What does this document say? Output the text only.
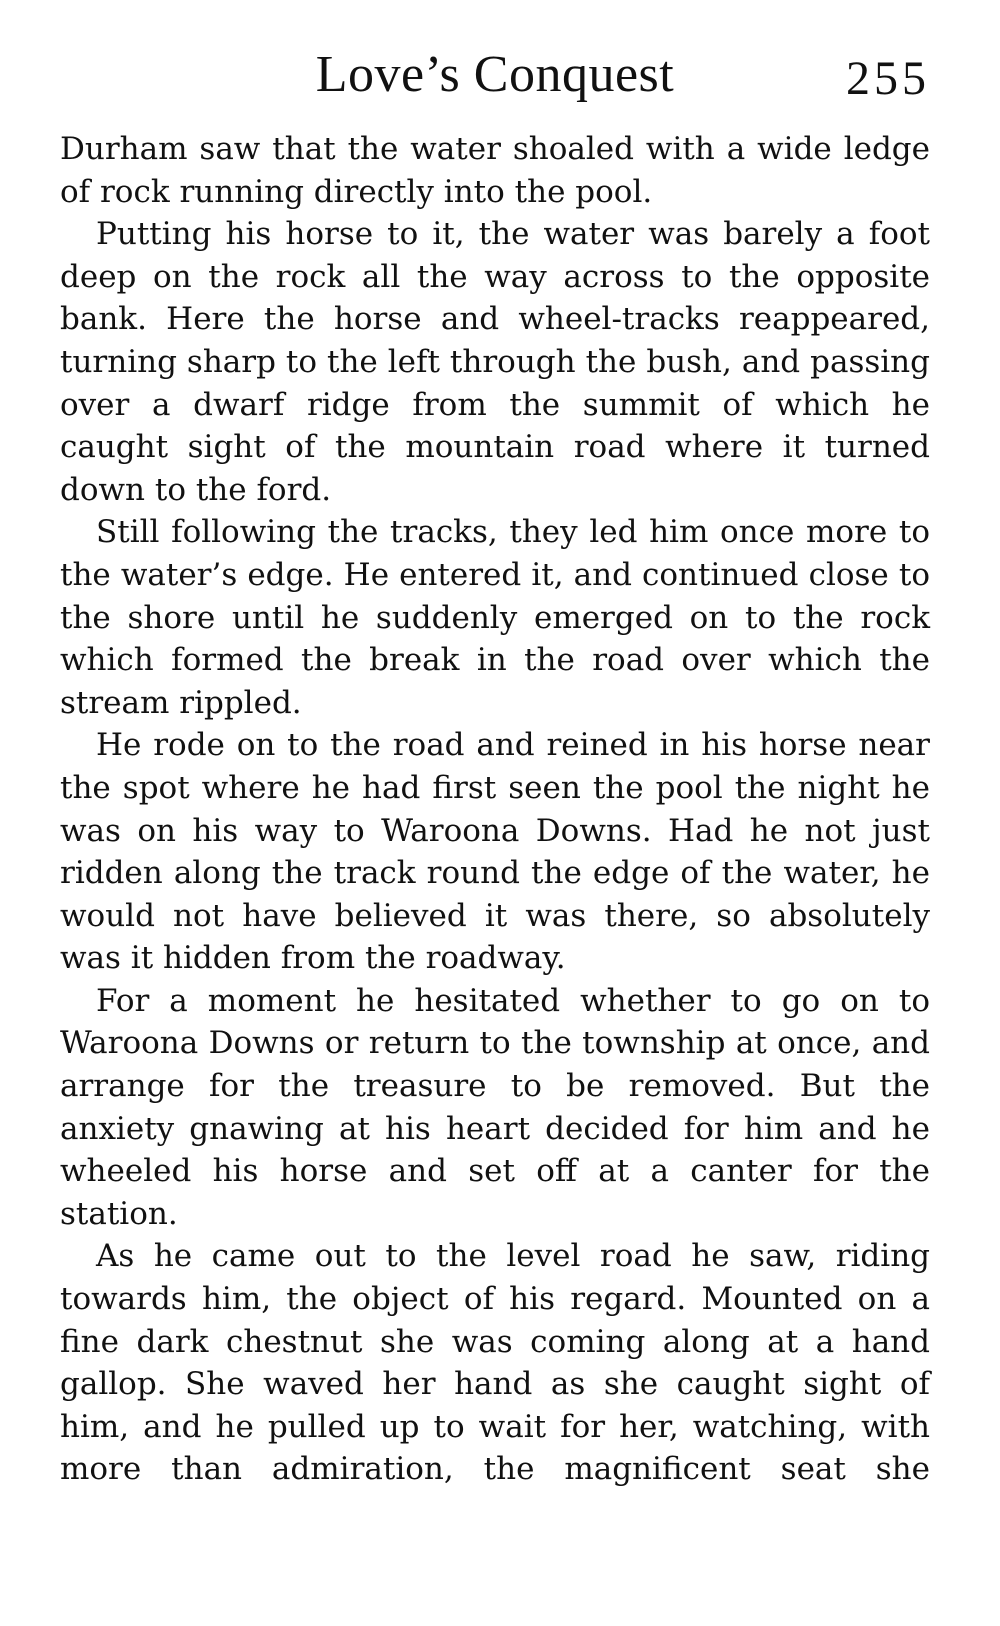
Love’s Conquest	255

Durham saw that the water shoaled with a wide ledge of rock running directly into the pool.

Putting his horse to it, the water was barely a foot deep on the rock all the way across to the opposite bank. Here the horse and wheel-tracks reappeared, turning sharp to the left through the bush, and passing over a dwarf ridge from the summit of which he caught sight of the mountain road where it turned down to the ford.

Still following the tracks, they led him once more to the water’s edge. He entered it, and continued close to the shore until he suddenly emerged on to the rock which formed the break in the road over which the stream rippled.

He rode on to the road and reined in his horse near the spot where he had first seen the pool the night he was on his way to Waroona Downs. Had he not just ridden along the track round the edge of the water, he would not have believed it was there, so absolutely was it hidden from the roadway.

For a moment he hesitated whether to go on to Waroona Downs or return to the township at once, and arrange for the treasure to be removed. But the anxiety gnawing at his heart decided for him and he wheeled his horse and set off at a canter for the station.

As he came out to the level road he saw, riding towards him, the object of his regard. Mounted on a fine dark chestnut she was coming along at a hand gallop. She waved her hand as she caught sight of him, and he pulled up to wait for her, watching, with more than admiration, the magnificent seat she
